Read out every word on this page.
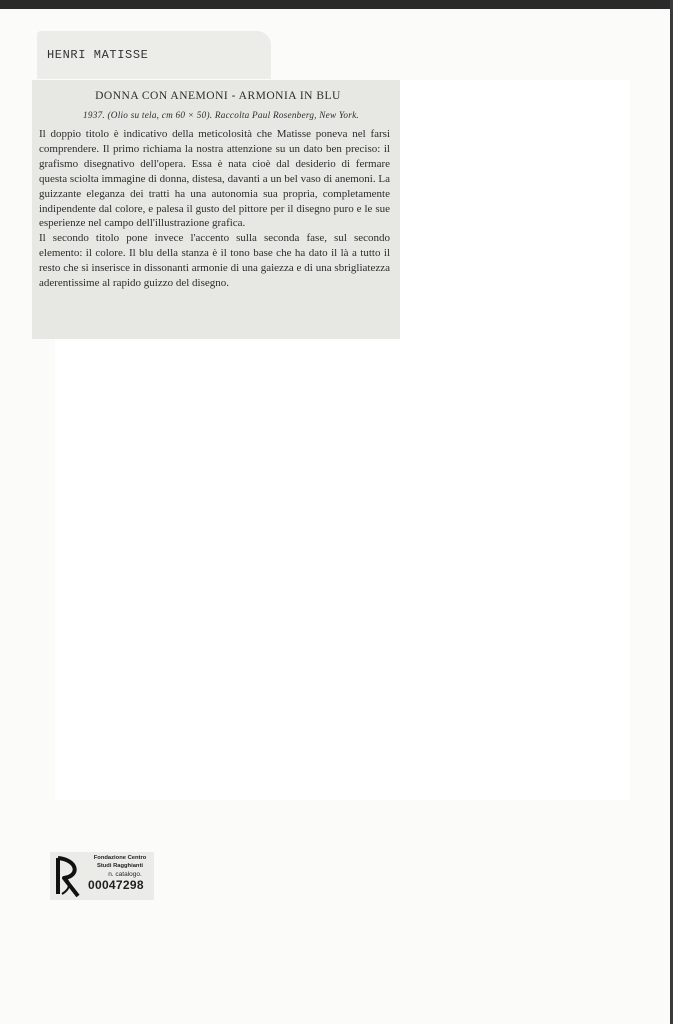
HENRI MATISSE
DONNA CON ANEMONI - ARMONIA IN BLU
1937. (Olio su tela, cm 60 × 50). Raccolta Paul Rosenberg, New York.

Il doppio titolo è indicativo della meticolosità che Matisse poneva nel farsi comprendere. Il primo richiama la nostra attenzione su un dato ben preciso: il grafismo disegnativo dell'opera. Essa è nata cioè dal desiderio di fermare questa sciolta immagine di donna, distesa, davanti a un bel vaso di anemoni. La guizzante eleganza dei tratti ha una autonomia sua propria, completamente indipendente dal colore, e palesa il gusto del pittore per il disegno puro e le sue esperienze nel campo dell'illustrazione grafica.

Il secondo titolo pone invece l'accento sulla seconda fase, sul secondo elemento: il colore. Il blu della stanza è il tono base che ha dato il là a tutto il resto che si inserisce in dissonanti armonie di una gaiezza e di una sbrigliatezza aderentissime al rapido guizzo del disegno.

Fondazione Centro
Studi Ragghianti
n. catalogo.
00047298
